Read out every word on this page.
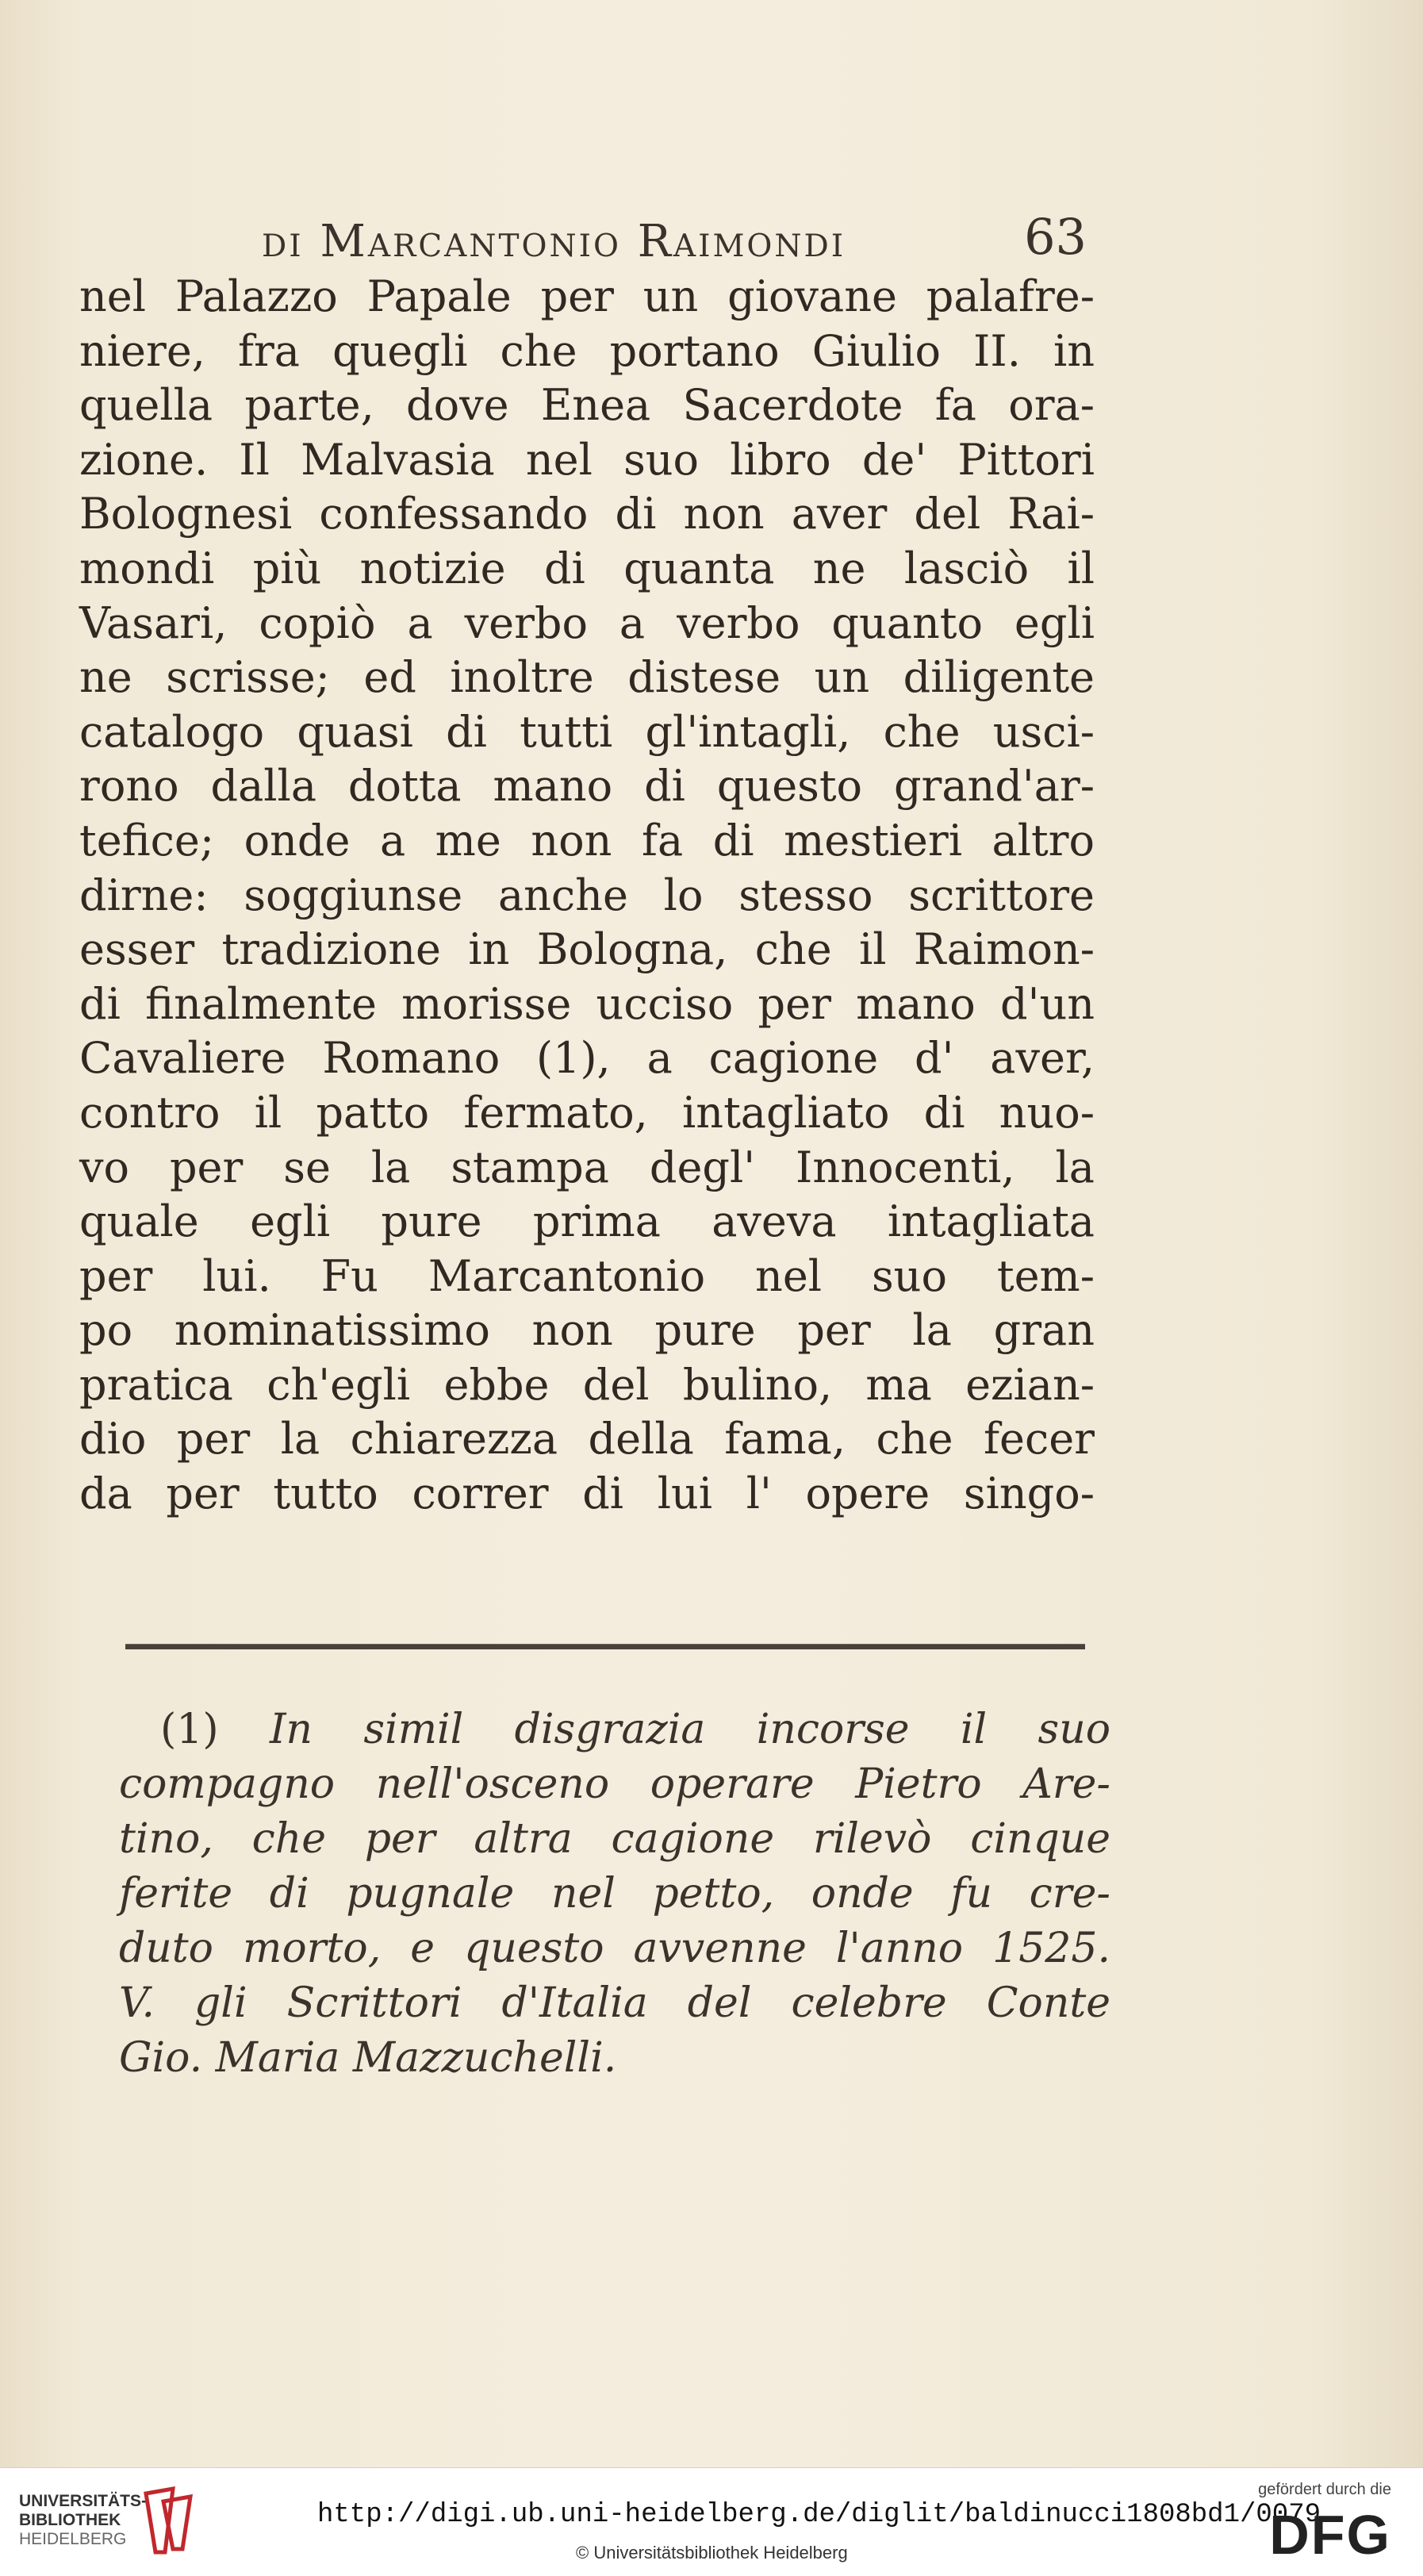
di Marcantonio Raimondi	63
nel Palazzo Papale per un giovane palafre-
niere, fra quegli che portano Giulio II. in
quella parte, dove Enea Sacerdote fa ora-
zione. Il Malvasia nel suo libro de' Pittori
Bolognesi confessando di non aver del Rai-
mondi più notizie di quanta ne lasciò il
Vasari, copiò a verbo a verbo quanto egli
ne scrisse; ed inoltre distese un diligente
catalogo quasi di tutti gl'intagli, che usci-
rono dalla dotta mano di questo grand'ar-
tefice; onde a me non fa di mestieri altro
dirne: soggiunse anche lo stesso scrittore
esser tradizione in Bologna, che il Raimon-
di finalmente morisse ucciso per mano d'un
Cavaliere Romano (1), a cagione d' aver,
contro il patto fermato, intagliato di nuo-
vo per se la stampa degl' Innocenti, la
quale egli pure prima aveva intagliata
per lui. Fu Marcantonio nel suo tem-
po nominatissimo non pure per la gran
pratica ch'egli ebbe del bulino, ma ezian-
dio per la chiarezza della fama, che fecer
da per tutto correr di lui l' opere singo-
 (1) In simil disgrazia incorse il suo
compagno nell'osceno operare Pietro Are-
tino, che per altra cagione rilevò cinque
ferite di pugnale nel petto, onde fu cre-
duto morto, e questo avvenne l'anno 1525.
V. gli Scrittori d'Italia del celebre Conte
Gio. Maria Mazzuchelli.
UNIVERSITÄTS-
BIBLIOTHEK
HEIDELBERG
http://digi.ub.uni-heidelberg.de/diglit/baldinucci1808bd1/0079
© Universitätsbibliothek Heidelberg
gefördert durch die
DFG
